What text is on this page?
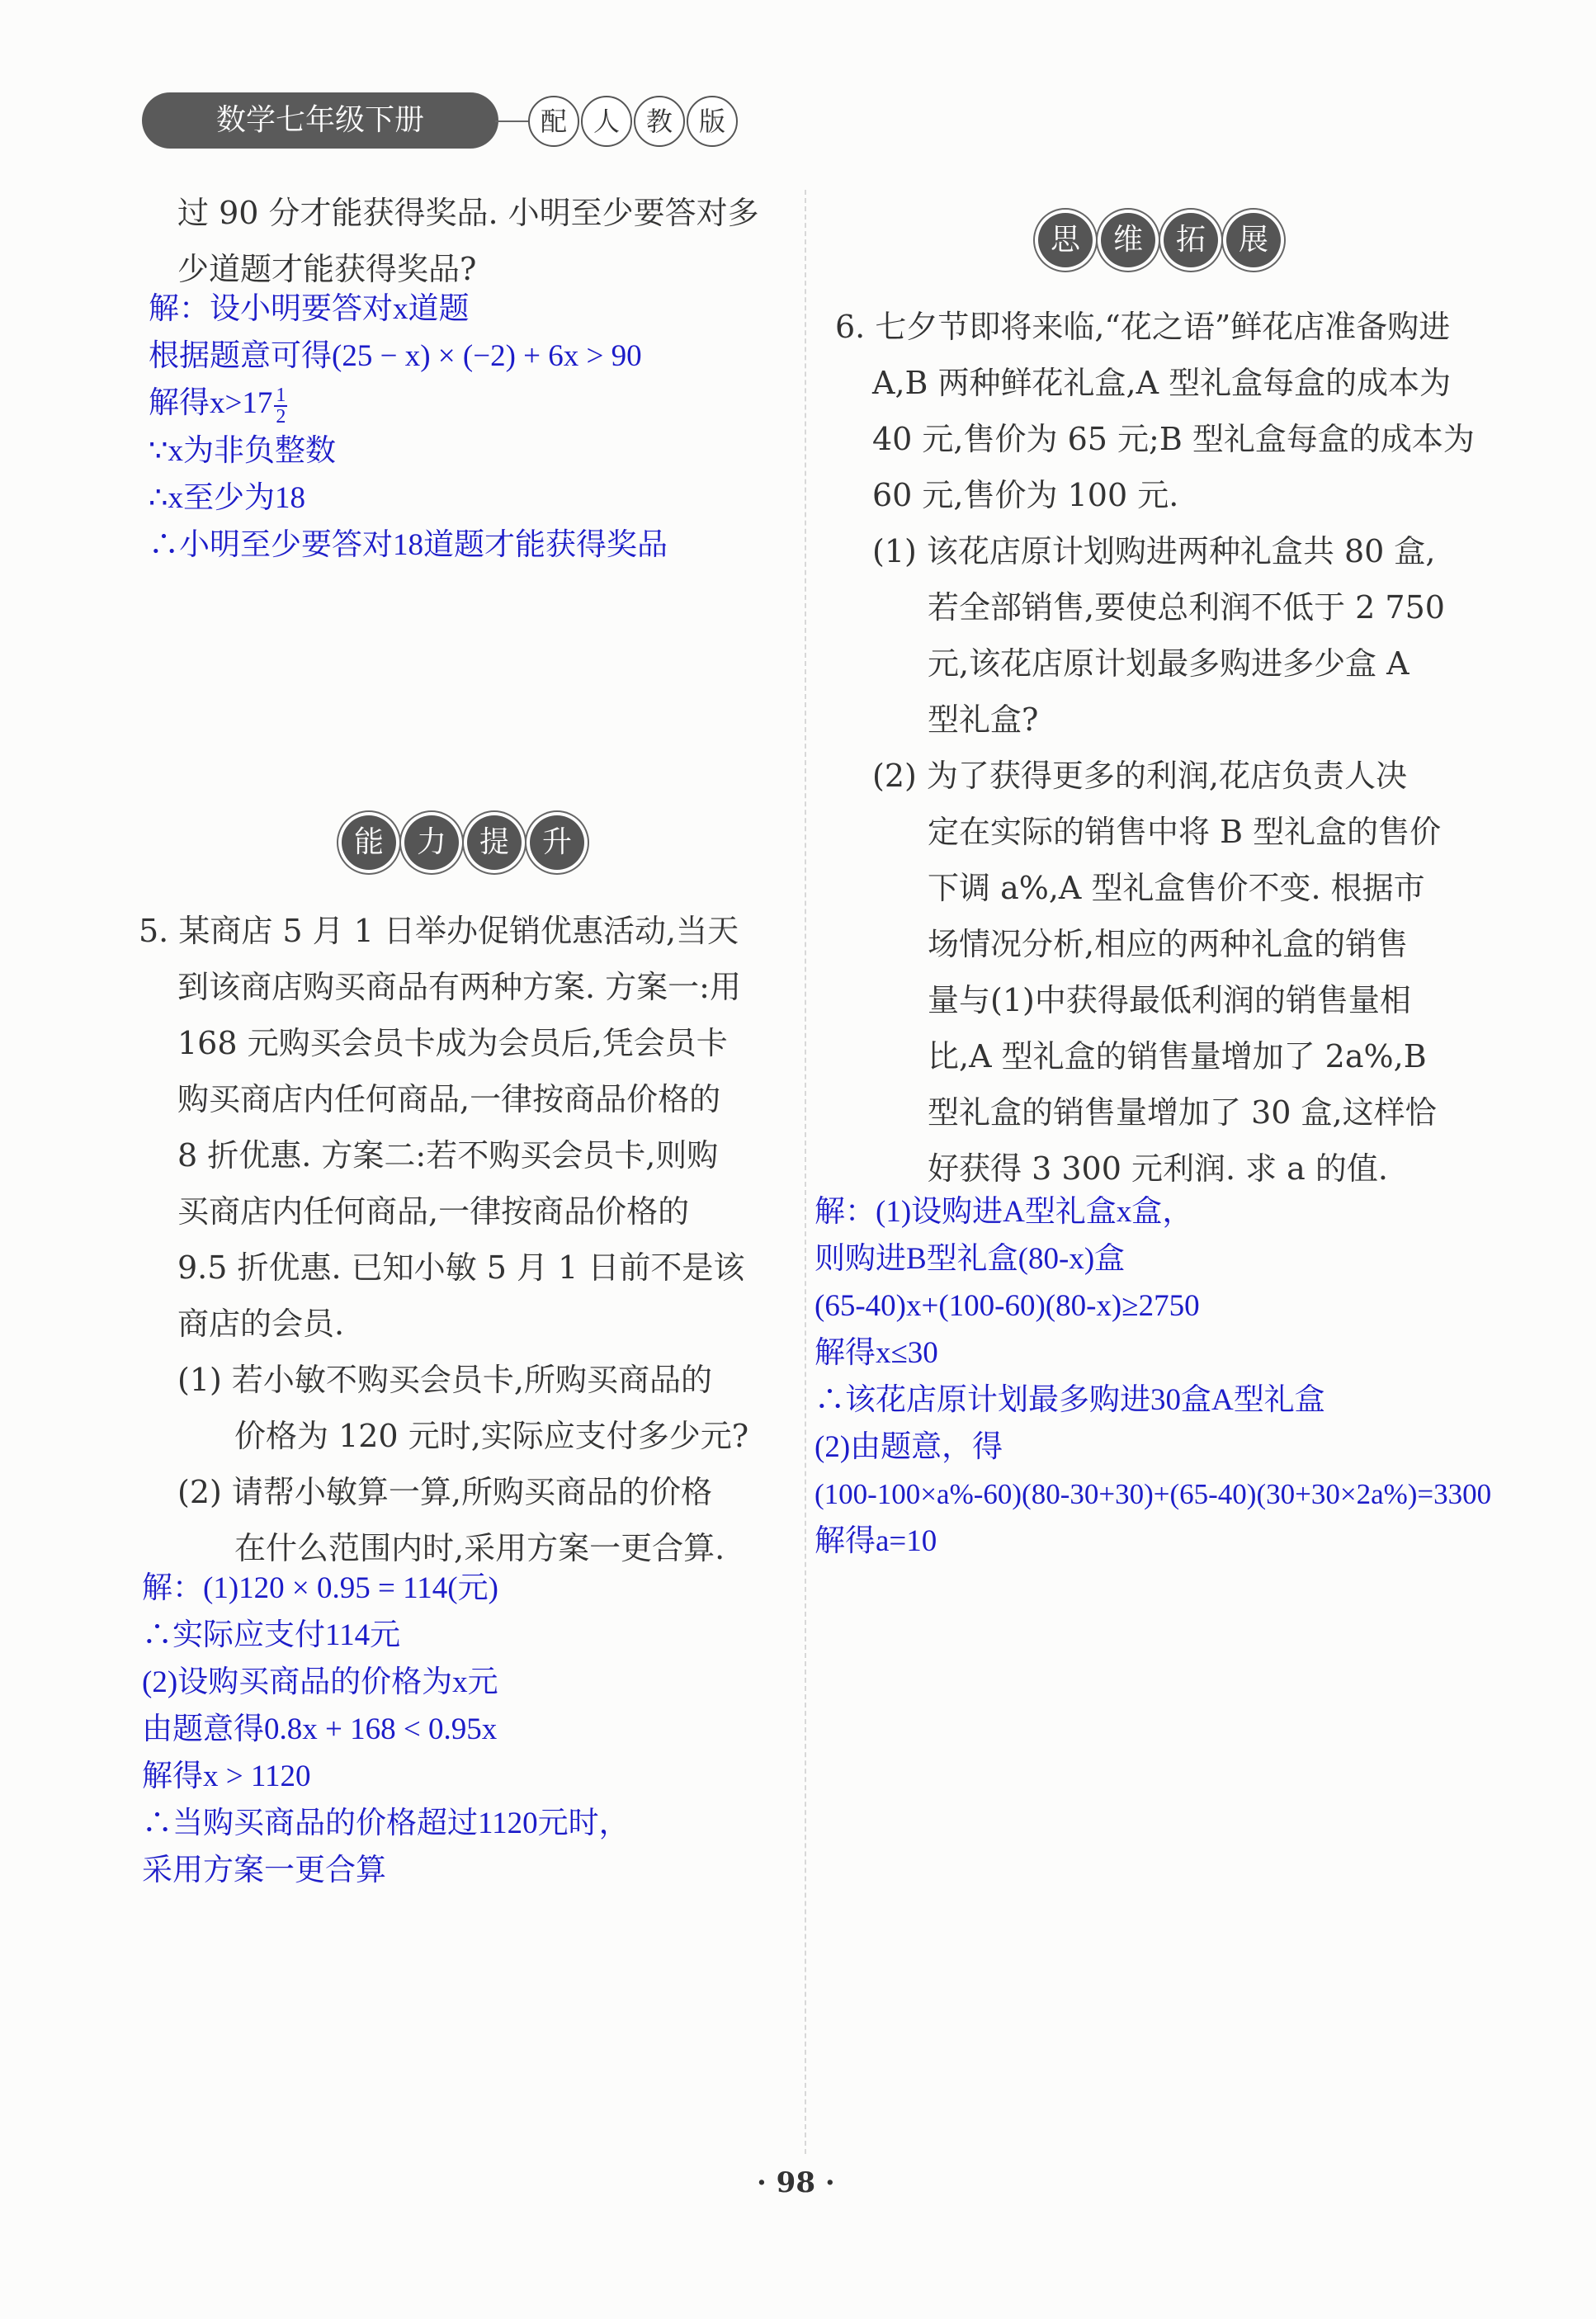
数学七年级下册	配 人 教 版
过 90 分才能获得奖品. 小明至少要答对多
少道题才能获得奖品?
解：设小明要答对x道题
根据题意可得(25 − x) × (−2) + 6x > 90
解得$x>17 \frac{1}{2}$
∵x为非负整数
∴x至少为18
∴小明至少要答对18道题才能获得奖品
能	力	提	升
5. 某商店 5 月 1 日举办促销优惠活动,当天
到该商店购买商品有两种方案. 方案一:用
168 元购买会员卡成为会员后,凭会员卡
购买商店内任何商品,一律按商品价格的
8 折优惠. 方案二:若不购买会员卡,则购
买商店内任何商品,一律按商品价格的
9.5 折优惠. 已知小敏 5 月 1 日前不是该
商店的会员.
(1) 若小敏不购买会员卡,所购买商品的
价格为 120 元时,实际应支付多少元?
(2) 请帮小敏算一算,所购买商品的价格
在什么范围内时,采用方案一更合算.
解：(1)120 × 0.95 = 114(元)
∴实际应支付114元
(2)设购买商品的价格为x元
由题意得0.8x + 168 < 0.95x
解得x > 1120
∴当购买商品的价格超过1120元时，
采用方案一更合算
思	维	拓	展
6. 七夕节即将来临,“花之语”鲜花店准备购进
A,B 两种鲜花礼盒,A 型礼盒每盒的成本为
40 元,售价为 65 元;B 型礼盒每盒的成本为
60 元,售价为 100 元.
(1) 该花店原计划购进两种礼盒共 80 盒,
若全部销售,要使总利润不低于 2 750
元,该花店原计划最多购进多少盒 A
型礼盒?
(2) 为了获得更多的利润,花店负责人决
定在实际的销售中将 B 型礼盒的售价
下调 a%,A 型礼盒售价不变. 根据市
场情况分析,相应的两种礼盒的销售
量与(1)中获得最低利润的销售量相
比,A 型礼盒的销售量增加了 2a%,B
型礼盒的销售量增加了 30 盒,这样恰
好获得 3 300 元利润. 求 a 的值.
解：(1)设购进A型礼盒x盒，
则购进B型礼盒(80-x)盒
(65-40)x+(100-60)(80-x)≥2750
解得x≤30
∴该花店原计划最多购进30盒A型礼盒
(2)由题意，得
(100-100×a%-60)(80-30+30)+(65-40)(30+30×2a%)=3300
解得a=10
· 98 ·
